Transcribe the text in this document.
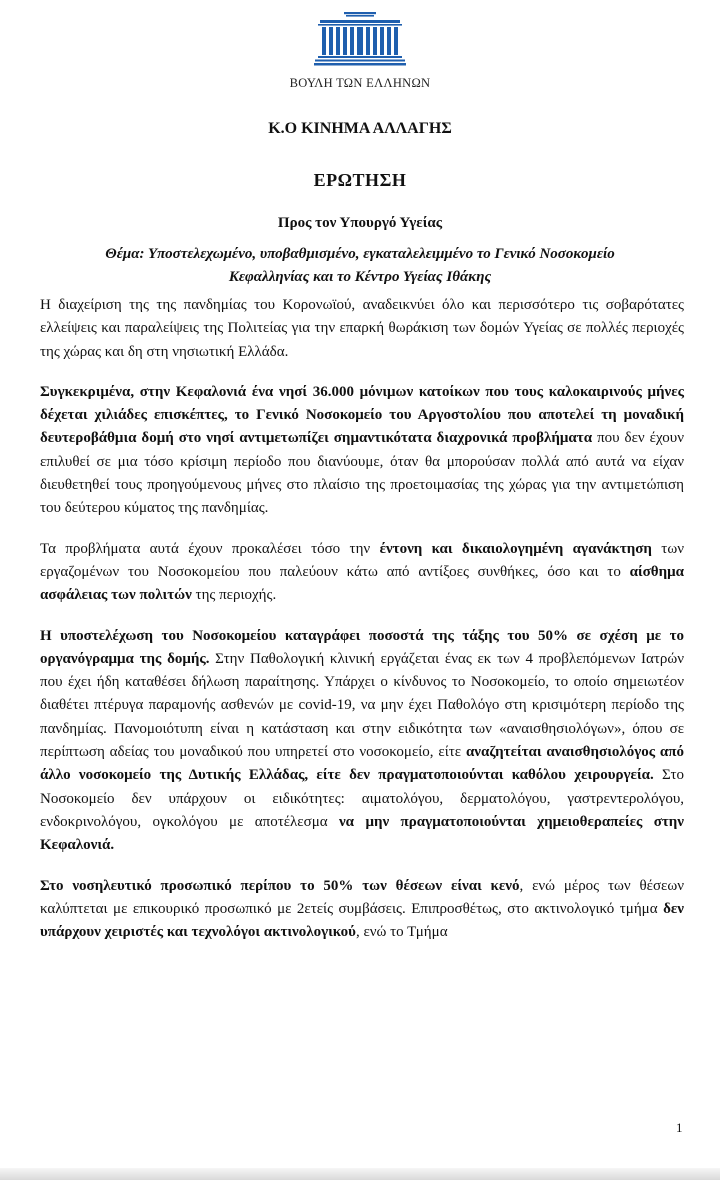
ΒΟΥΛΗ ΤΩΝ ΕΛΛΗΝΩΝ
Κ.Ο ΚΙΝΗΜΑ ΑΛΛΑΓΗΣ
ΕΡΩΤΗΣΗ
Προς τον Υπουργό Υγείας
Θέμα: Υποστελεχωμένο, υποβαθμισμένο, εγκαταλελειμμένο το Γενικό Νοσοκομείο Κεφαλληνίας και το Κέντρο Υγείας Ιθάκης

Η διαχείριση της της πανδημίας του Κορονωϊού, αναδεικνύει όλο και περισσότερο τις σοβαρότατες ελλείψεις και παραλείψεις της Πολιτείας για την επαρκή θωράκιση των δομών Υγείας σε πολλές περιοχές της χώρας και δη στη νησιωτική Ελλάδα.

Συγκεκριμένα, στην Κεφαλονιά ένα νησί 36.000 μόνιμων κατοίκων που τους καλοκαιρινούς μήνες δέχεται χιλιάδες επισκέπτες, το Γενικό Νοσοκομείο του Αργοστολίου που αποτελεί τη μοναδική δευτεροβάθμια δομή στο νησί αντιμετωπίζει σημαντικότατα διαχρονικά προβλήματα που δεν έχουν επιλυθεί σε μια τόσο κρίσιμη περίοδο που διανύουμε, όταν θα μπορούσαν πολλά από αυτά να είχαν διευθετηθεί τους προηγούμενους μήνες στο πλαίσιο της προετοιμασίας της χώρας για την αντιμετώπιση του δεύτερου κύματος της πανδημίας.

Τα προβλήματα αυτά έχουν προκαλέσει τόσο την έντονη και δικαιολογημένη αγανάκτηση των εργαζομένων του Νοσοκομείου που παλεύουν κάτω από αντίξοες συνθήκες, όσο και το αίσθημα ασφάλειας των πολιτών της περιοχής.

Η υποστελέχωση του Νοσοκομείου καταγράφει ποσοστά της τάξης του 50% σε σχέση με το οργανόγραμμα της δομής. Στην Παθολογική κλινική εργάζεται ένας εκ των 4 προβλεπόμενων Ιατρών που έχει ήδη καταθέσει δήλωση παραίτησης. Υπάρχει ο κίνδυνος το Νοσοκομείο, το οποίο σημειωτέον διαθέτει πτέρυγα παραμονής ασθενών με covid-19, να μην έχει Παθολόγο στη κρισιμότερη περίοδο της πανδημίας. Πανομοιότυπη είναι η κατάσταση και στην ειδικότητα των «αναισθησιολόγων», όπου σε περίπτωση αδείας του μοναδικού που υπηρετεί στο νοσοκομείο, είτε αναζητείται αναισθησιολόγος από άλλο νοσοκομείο της Δυτικής Ελλάδας, είτε δεν πραγματοποιούνται καθόλου χειρουργεία. Στο Νοσοκομείο δεν υπάρχουν οι ειδικότητες: αιματολόγου, δερματολόγου, γαστρεντερολόγου, ενδοκρινολόγου, ογκολόγου με αποτέλεσμα να μην πραγματοποιούνται χημειοθεραπείες στην Κεφαλονιά.

Στο νοσηλευτικό προσωπικό περίπου το 50% των θέσεων είναι κενό, ενώ μέρος των θέσεων καλύπτεται με επικουρικό προσωπικό με 2ετείς συμβάσεις. Επιπροσθέτως, στο ακτινολογικό τμήμα δεν υπάρχουν χειριστές και τεχνολόγοι ακτινολογικού, ενώ το Τμήμα

1
